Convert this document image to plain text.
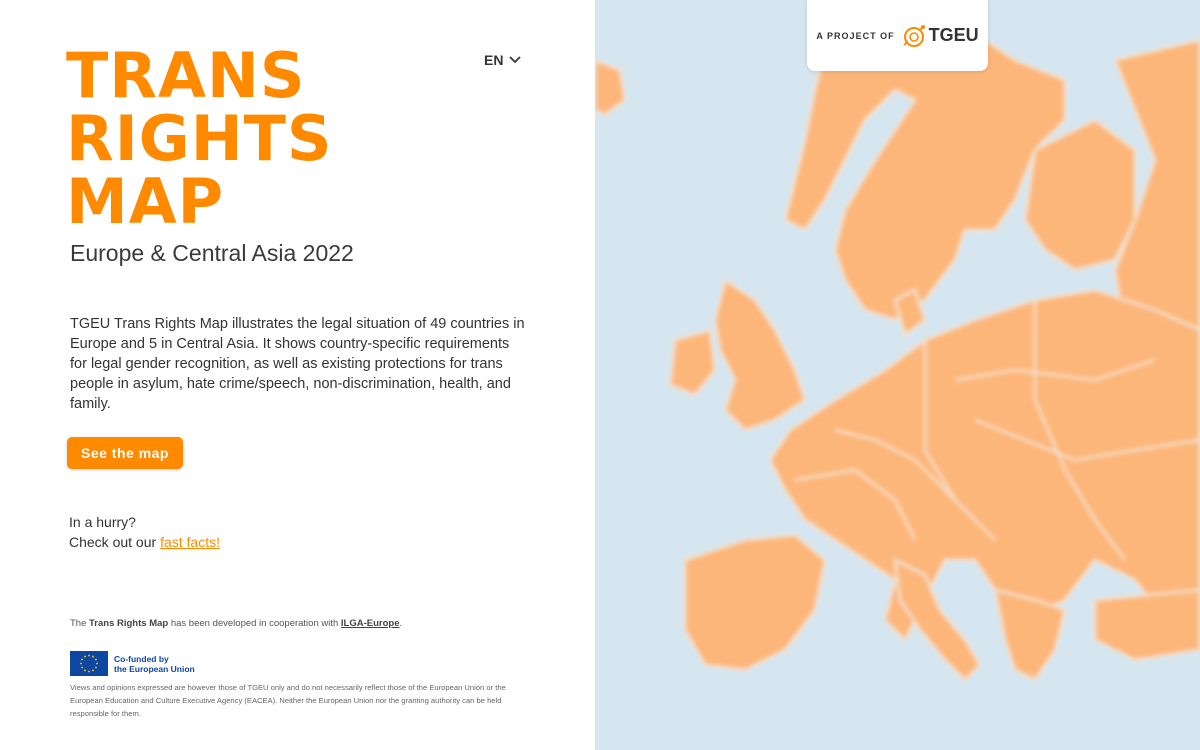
TRANS
RIGHTS
MAP
Europe & Central Asia 2022
EN

TGEU Trans Rights Map illustrates the legal situation of 49 countries in Europe and 5 in Central Asia. It shows country-specific requirements for legal gender recognition, as well as existing protections for trans people in asylum, hate crime/speech, non-discrimination, health, and family.

See the map
In a hurry?
Check out our fast facts!
The Trans Rights Map has been developed in cooperation with ILGA-Europe.
Co-funded by
the European Union

Views and opinions expressed are however those of TGEU only and do not necessarily reflect those of the European Union or the European Education and Culture Executive Agency (EACEA). Neither the European Union nor the granting authority can be held responsible for them.

A PROJECT OF TGEU
